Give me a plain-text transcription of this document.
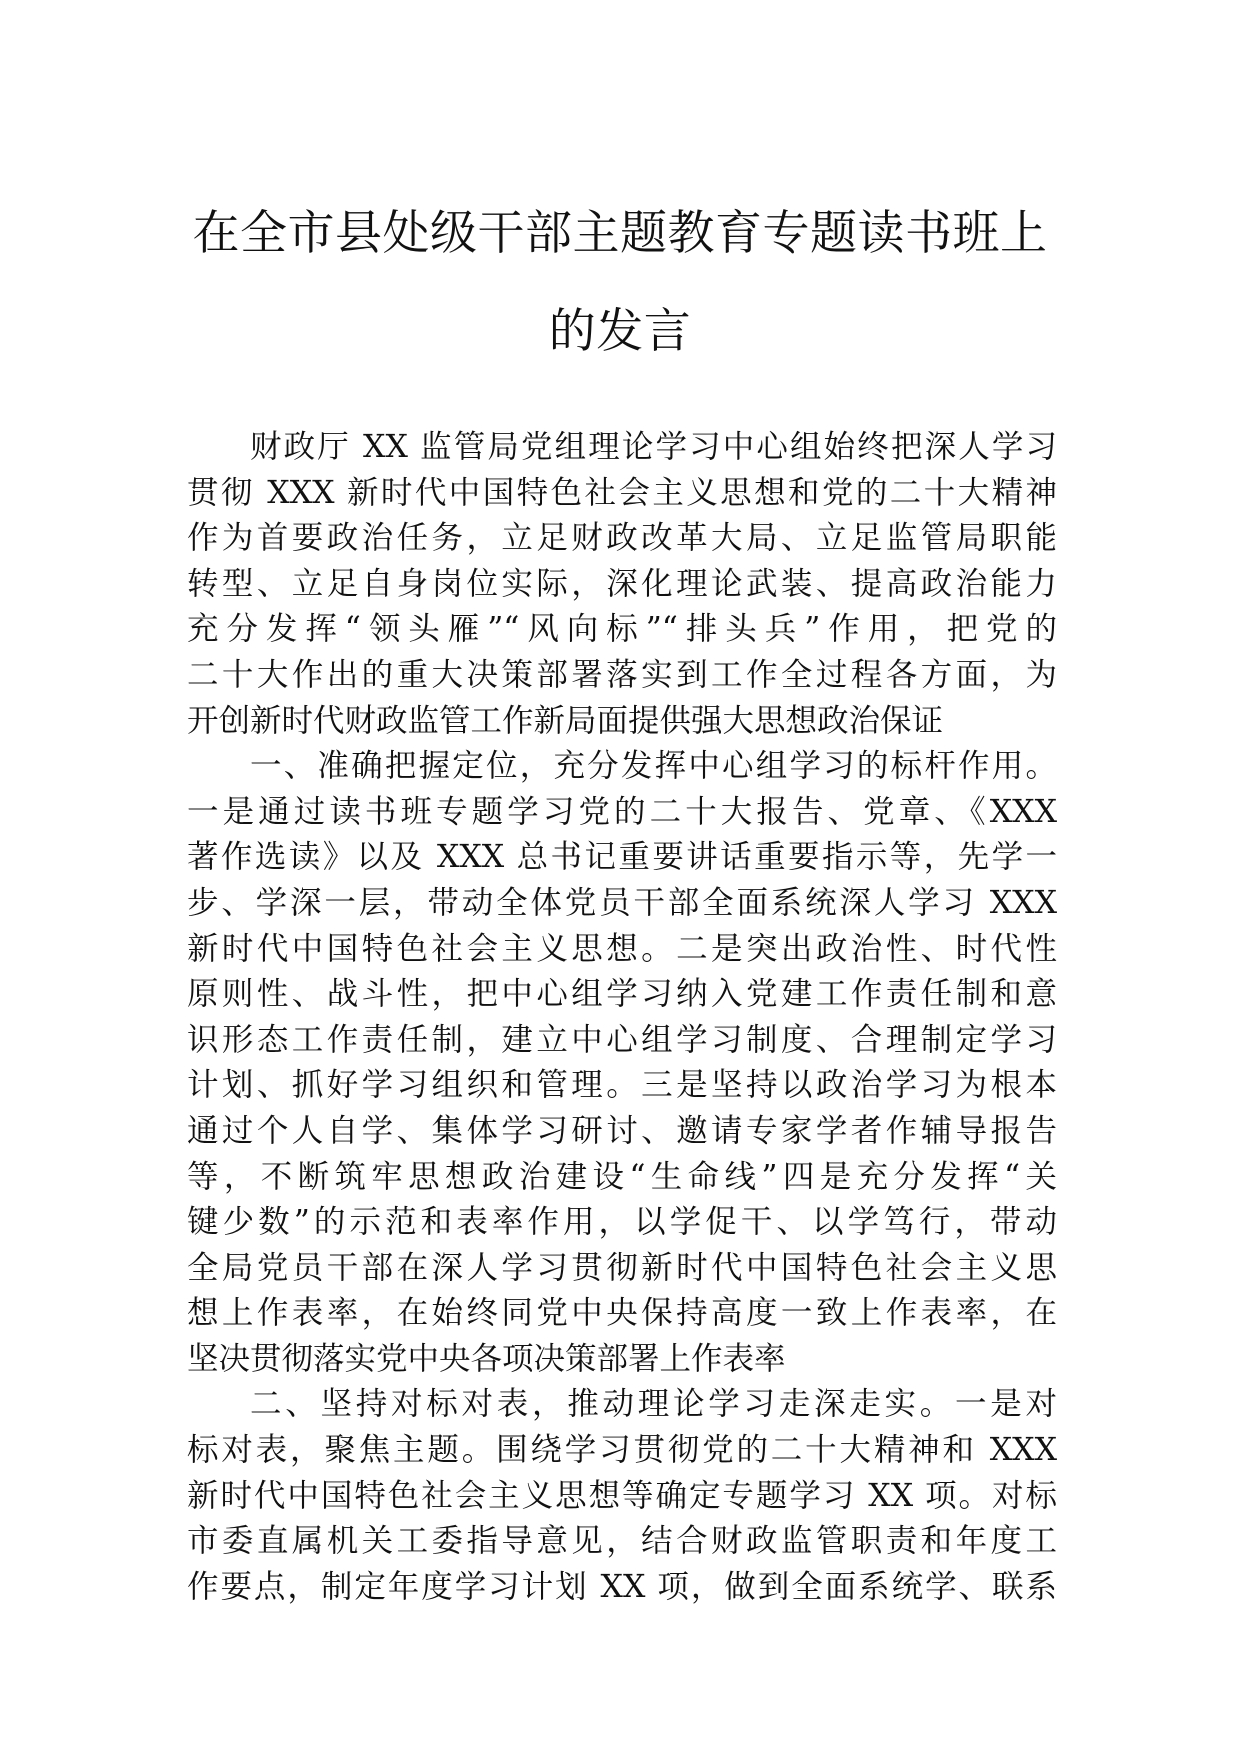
在全市县处级干部主题教育专题读书班上
的发言
财政厅 XX 监管局党组理论学习中心组始终把深人学习
贯彻 XXX 新时代中国特色社会主义思想和党的二十大精神
作为首要政治任务，立足财政改革大局、立足监管局职能
转型、立足自身岗位实际，深化理论武装、提高政治能力
充分发挥“领头雁”“风向标”“排头兵”作用，把党的
二十大作出的重大决策部署落实到工作全过程各方面，为
开创新时代财政监管工作新局面提供强大思想政治保证
一、准确把握定位，充分发挥中心组学习的标杆作用。
一是通过读书班专题学习党的二十大报告、党章、《XXX
著作选读》以及 XXX 总书记重要讲话重要指示等，先学一
步、学深一层，带动全体党员干部全面系统深人学习 XXX
新时代中国特色社会主义思想。二是突出政治性、时代性
原则性、战斗性，把中心组学习纳入党建工作责任制和意
识形态工作责任制，建立中心组学习制度、合理制定学习
计划、抓好学习组织和管理。三是坚持以政治学习为根本
通过个人自学、集体学习研讨、邀请专家学者作辅导报告
等，不断筑牢思想政治建设“生命线”四是充分发挥“关
键少数”的示范和表率作用，以学促干、以学笃行，带动
全局党员干部在深人学习贯彻新时代中国特色社会主义思
想上作表率，在始终同党中央保持高度一致上作表率，在
坚决贯彻落实党中央各项决策部署上作表率
二、坚持对标对表，推动理论学习走深走实。一是对
标对表，聚焦主题。围绕学习贯彻党的二十大精神和 XXX
新时代中国特色社会主义思想等确定专题学习 XX 项。对标
市委直属机关工委指导意见，结合财政监管职责和年度工
作要点，制定年度学习计划 XX 项，做到全面系统学、联系
